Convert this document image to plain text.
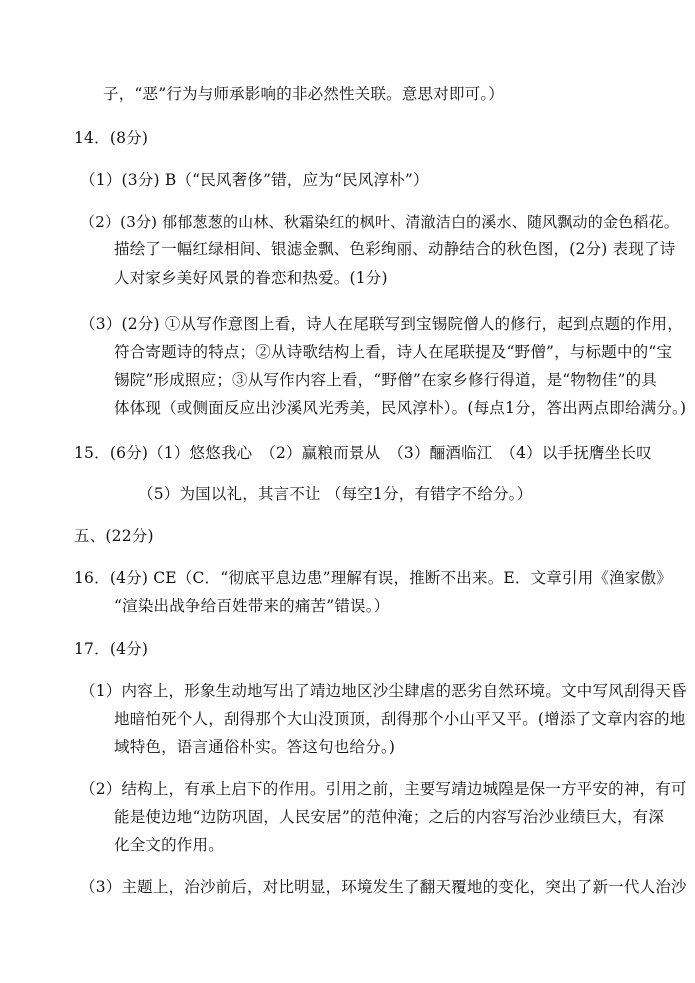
子，“恶”行为与师承影响的非必然性关联。意思对即可。）
14．(8分)
（1）(3分) B（“民风奢侈”错，应为“民风淳朴”）
（2）(3分) 郁郁葱葱的山林、秋霜染红的枫叶、清澈洁白的溪水、随风飘动的金色稻花。
描绘了一幅红绿相间、银滤金飘、色彩绚丽、动静结合的秋色图，(2分) 表现了诗
人对家乡美好风景的眷恋和热爱。(1分)
（3）(2分) ①从写作意图上看，诗人在尾联写到宝锡院僧人的修行，起到点题的作用，
符合寄题诗的特点；②从诗歌结构上看，诗人在尾联提及“野僧”，与标题中的“宝
锡院”形成照应；③从写作内容上看，“野僧”在家乡修行得道，是“物物佳”的具
体体现（或侧面反应出沙溪风光秀美，民风淳朴）。(每点1分，答出两点即给满分。)
15．(6分)（1）悠悠我心　（2）赢粮而景从　（3）酾酒临江　（4）以手抚膺坐长叹
（5）为国以礼，其言不让 （每空1分，有错字不给分。）
五、(22分)
16．(4分) CE（C．“彻底平息边患”理解有误，推断不出来。E．文章引用《渔家傲》
“渲染出战争给百姓带来的痛苦”错误。）
17．(4分)
（1）内容上，形象生动地写出了靖边地区沙尘肆虐的恶劣自然环境。文中写风刮得天昏
地暗怕死个人，刮得那个大山没顶顶，刮得那个小山平又平。(增添了文章内容的地
域特色，语言通俗朴实。答这句也给分。)
（2）结构上，有承上启下的作用。引用之前，主要写靖边城隍是保一方平安的神，有可
能是使边地“边防巩固，人民安居”的范仲淹；之后的内容写治沙业绩巨大，有深
化全文的作用。
（3）主题上，治沙前后，对比明显，环境发生了翻天覆地的变化，突出了新一代人治沙
